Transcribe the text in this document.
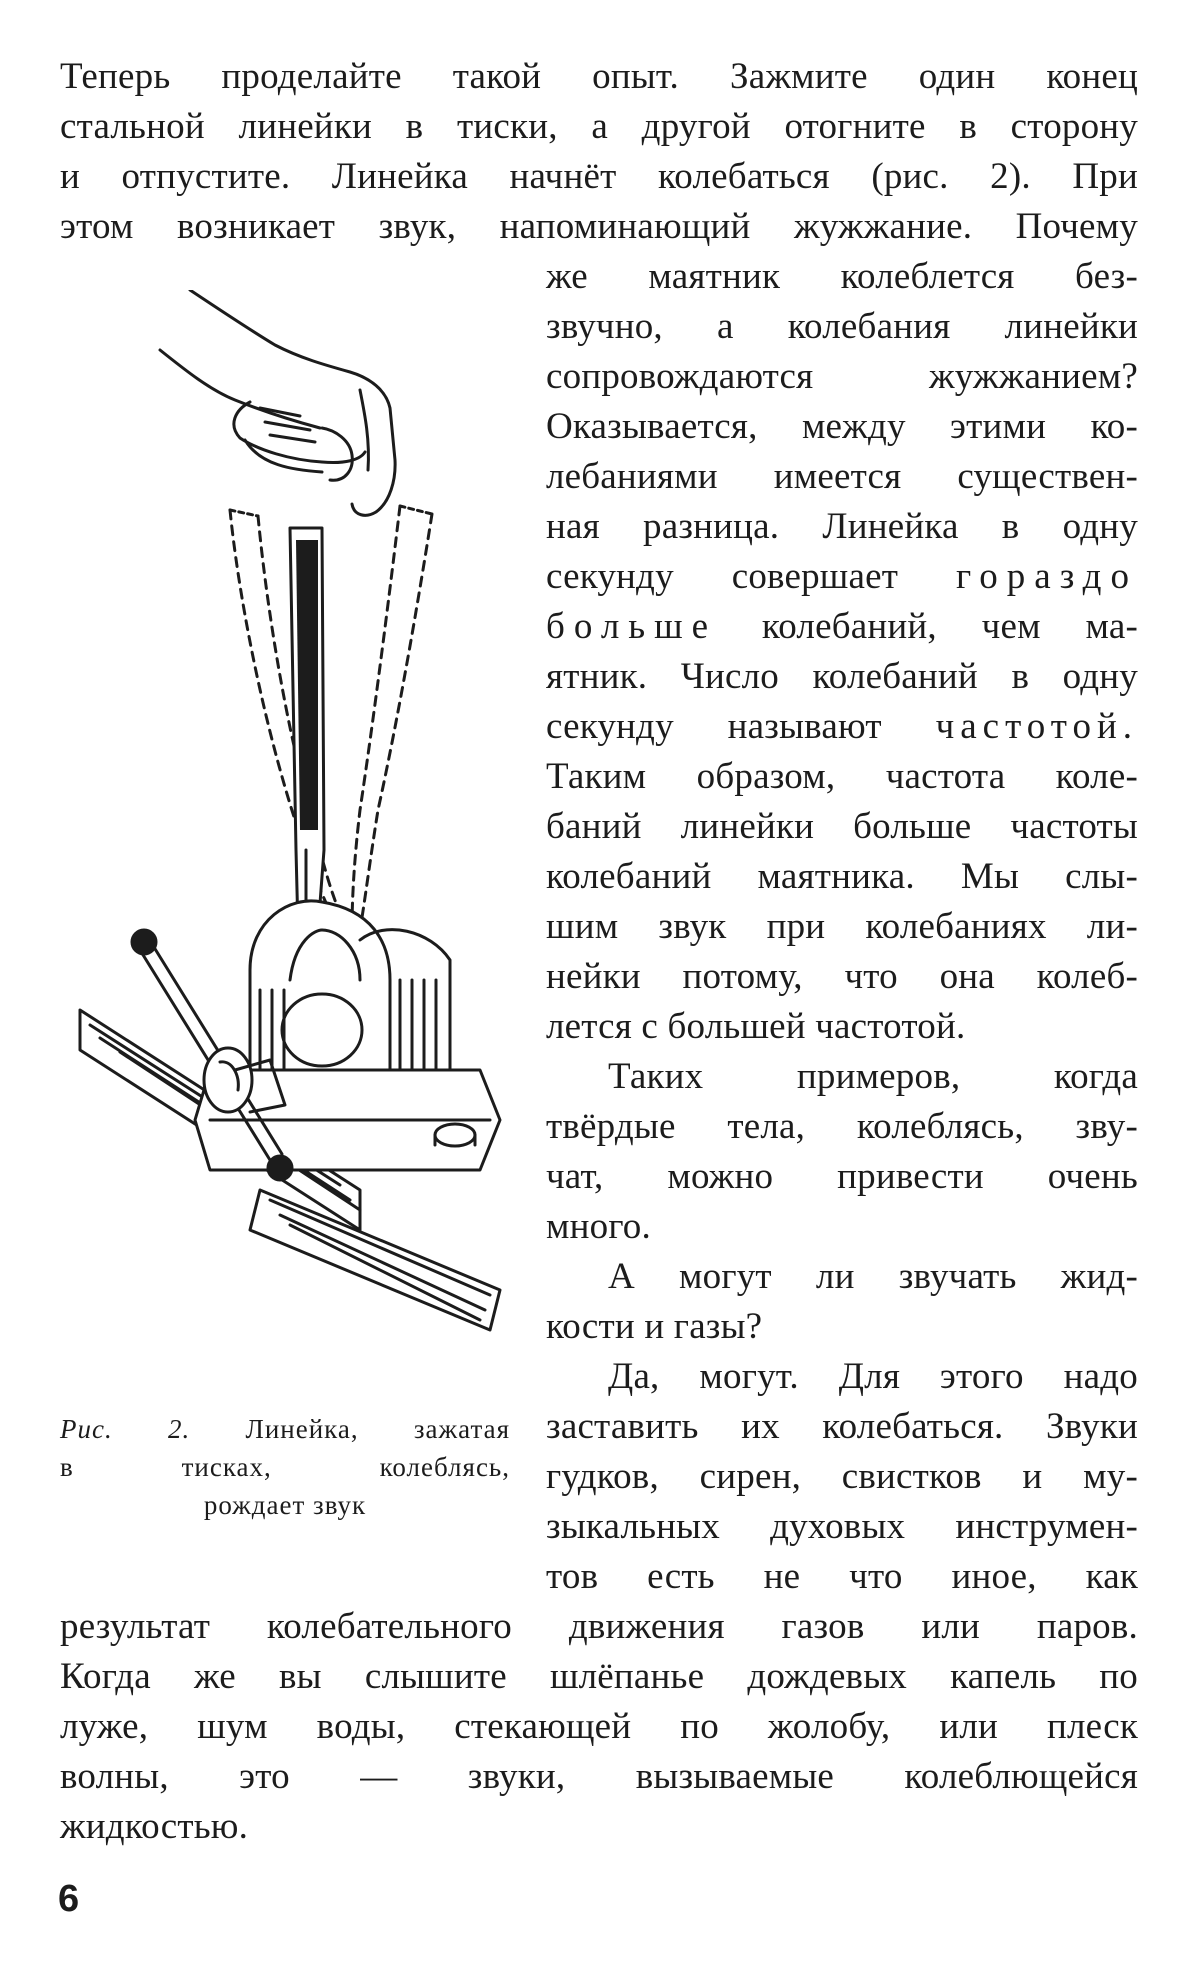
Теперь проделайте такой опыт. Зажмите один конец
стальной линейки в тиски, а другой отогните в сторону
и отпустите. Линейка начнёт колебаться (рис. 2). При
этом возникает звук, напоминающий жужжание. Почему
же маятник колеблется без-
звучно, а колебания линейки
сопровождаются жужжанием?
Оказывается, между этими ко-
лебаниями имеется существен-
ная разница. Линейка в одну
секунду совершает гораздо
больше колебаний, чем ма-
ятник. Число колебаний в одну
секунду называют частотой.
Таким образом, частота коле-
баний линейки больше частоты
колебаний маятника. Мы слы-
шим звук при колебаниях ли-
нейки потому, что она колеб-
лется с большей частотой.
Таких примеров, когда
твёрдые тела, колеблясь, зву-
чат, можно привести очень
много.
А могут ли звучать жид-
кости и газы?
Да, могут. Для этого надо
заставить их колебаться. Звуки
гудков, сирен, свистков и му-
зыкальных духовых инструмен-
тов есть не что иное, как
результат колебательного движения газов или паров.
Когда же вы слышите шлёпанье дождевых капель по
луже, шум воды, стекающей по жолобу, или плеск
волны, это — звуки, вызываемые колеблющейся
жидкостью.
Рис. 2. Линейка, зажатая
в тисках, колеблясь,
рождает звук
6
